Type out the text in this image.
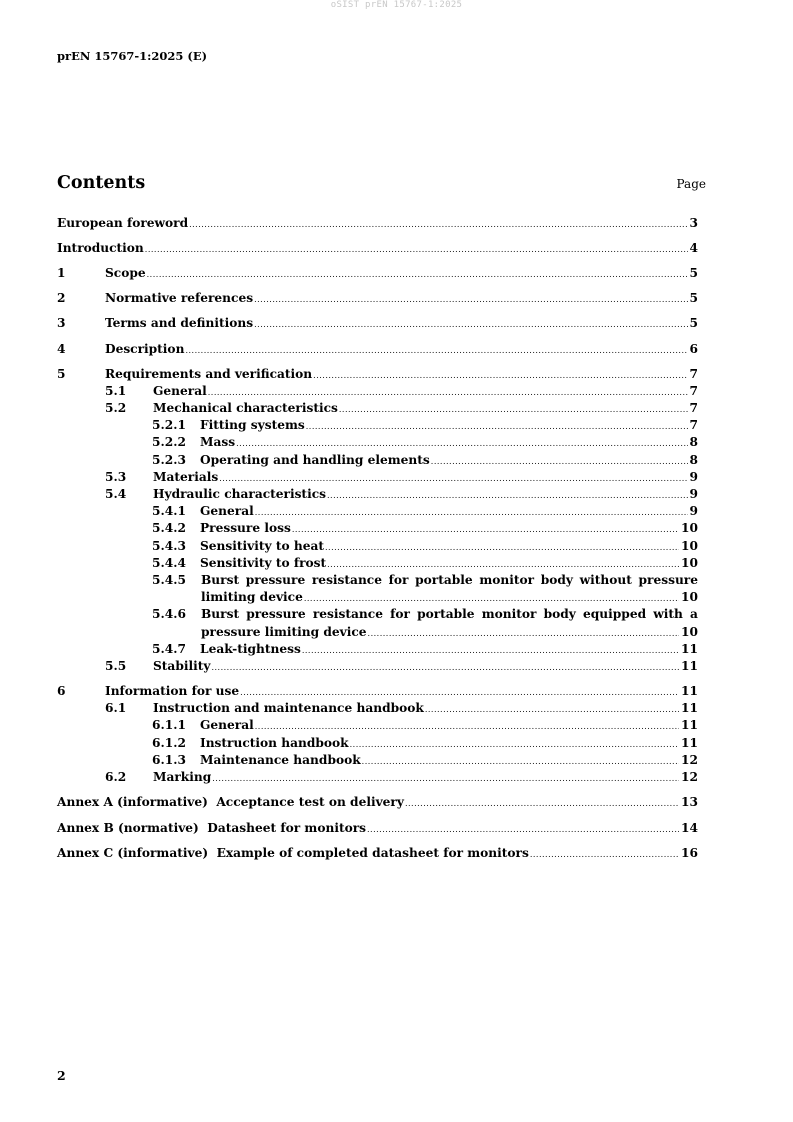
oSIST prEN 15767-1:2025
prEN 15767-1:2025 (E)
Contents	Page
European foreword .....	3
Introduction .....	4
1	Scope .....	5
2	Normative references .....	5
3	Terms and definitions .....	5
4	Description .....	6
5	Requirements and verification .....	7
5.1	General .....	7
5.2	Mechanical characteristics .....	7
5.2.1	Fitting systems .....	7
5.2.2	Mass .....	8
5.2.3	Operating and handling elements .....	8
5.3	Materials .....	9
5.4	Hydraulic characteristics .....	9
5.4.1	General .....	9
5.4.2	Pressure loss .....	10
5.4.3	Sensitivity to heat .....	10
5.4.4	Sensitivity to frost .....	10
5.4.5	Burst pressure resistance for portable monitor body without pressure
limiting device .....	10
5.4.6	Burst pressure resistance for portable monitor body equipped with a
pressure limiting device .....	10
5.4.7	Leak-tightness .....	11
5.5	Stability .....	11
6	Information for use .....	11
6.1	Instruction and maintenance handbook .....	11
6.1.1	General .....	11
6.1.2	Instruction handbook .....	11
6.1.3	Maintenance handbook .....	12
6.2	Marking .....	12
Annex A (informative)  Acceptance test on delivery .....	13
Annex B (normative)  Datasheet for monitors .....	14
Annex C (informative)  Example of completed datasheet for monitors .....	16
2
